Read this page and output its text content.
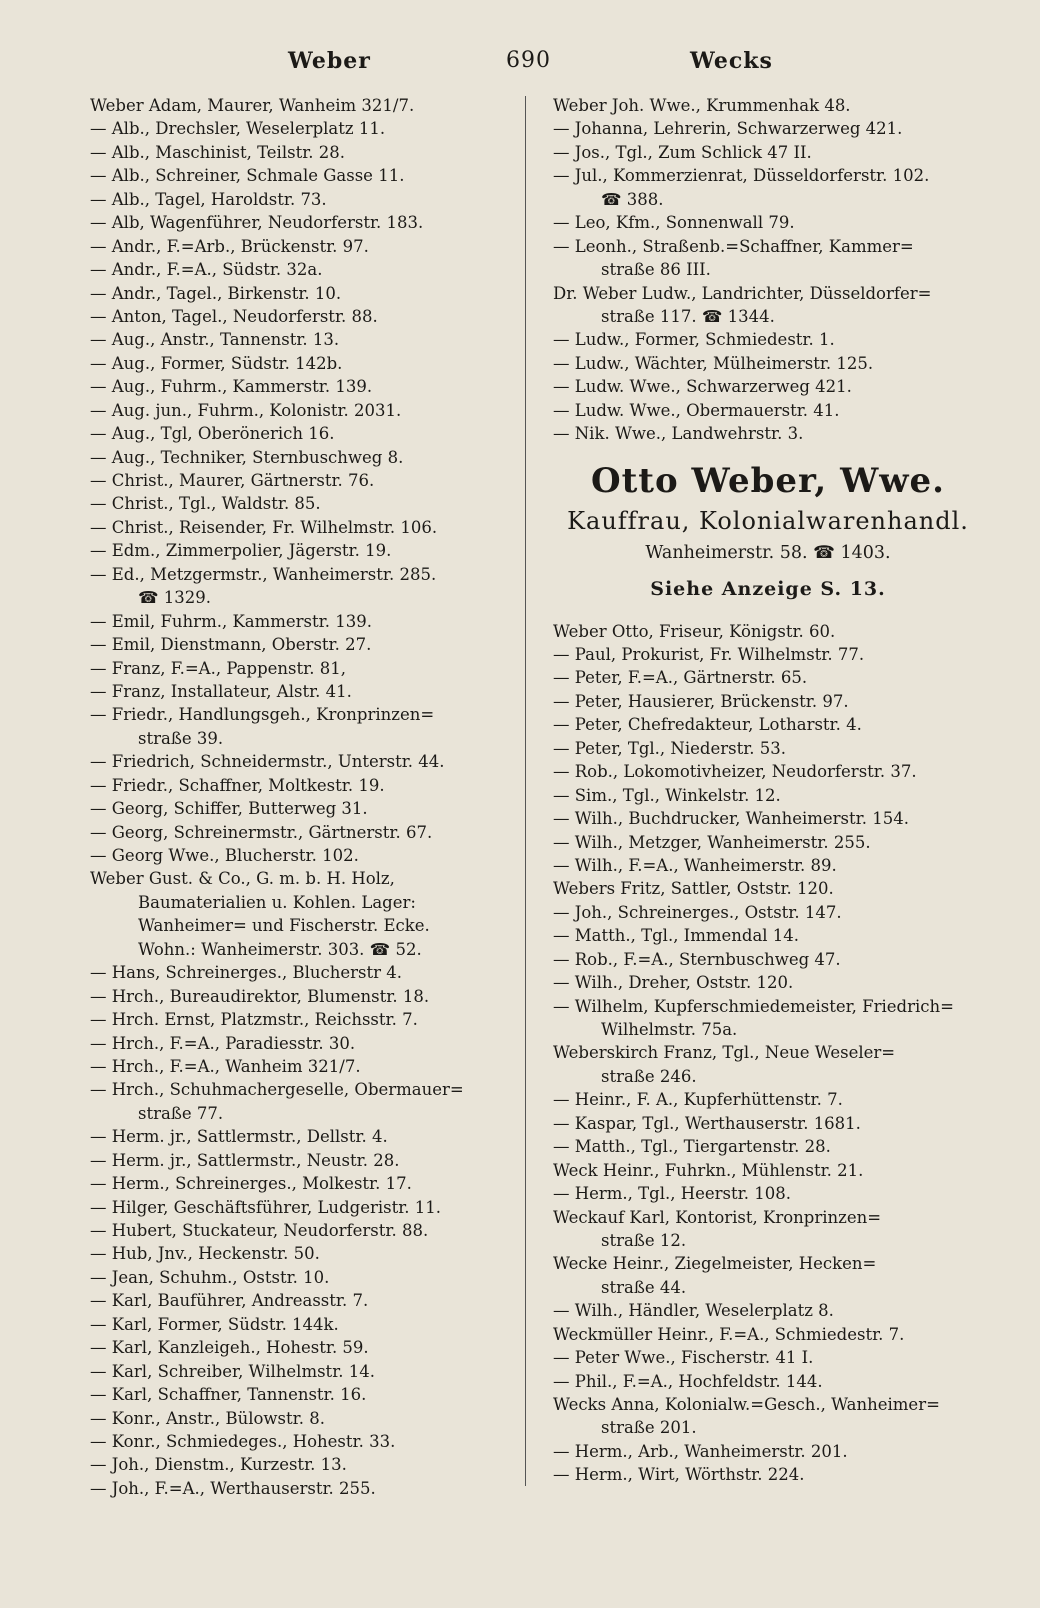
Weber	690	Wecks
Weber Adam, Maurer, Wanheim 321/7.
— Alb., Drechsler, Weselerplatz 11.
— Alb., Maschinist, Teilstr. 28.
— Alb., Schreiner, Schmale Gasse 11.
— Alb., Tagel, Haroldstr. 73.
— Alb, Wagenführer, Neudorferstr. 183.
— Andr., F.=Arb., Brückenstr. 97.
— Andr., F.=A., Südstr. 32a.
— Andr., Tagel., Birkenstr. 10.
— Anton, Tagel., Neudorferstr. 88.
— Aug., Anstr., Tannenstr. 13.
— Aug., Former, Südstr. 142b.
— Aug., Fuhrm., Kammerstr. 139.
— Aug. jun., Fuhrm., Kolonistr. 2031.
— Aug., Tgl, Oberönerich 16.
— Aug., Techniker, Sternbuschweg 8.
— Christ., Maurer, Gärtnerstr. 76.
— Christ., Tgl., Waldstr. 85.
— Christ., Reisender, Fr. Wilhelmstr. 106.
— Edm., Zimmerpolier, Jägerstr. 19.
— Ed., Metzgermstr., Wanheimerstr. 285.
☎ 1329.
— Emil, Fuhrm., Kammerstr. 139.
— Emil, Dienstmann, Oberstr. 27.
— Franz, F.=A., Pappenstr. 81,
— Franz, Installateur, Alstr. 41.
— Friedr., Handlungsgeh., Kronprinzen=
straße 39.
— Friedrich, Schneidermstr., Unterstr. 44.
— Friedr., Schaffner, Moltkestr. 19.
— Georg, Schiffer, Butterweg 31.
— Georg, Schreinermstr., Gärtnerstr. 67.
— Georg Wwe., Blucherstr. 102.
Weber Gust. & Co., G. m. b. H. Holz,
Baumaterialien u. Kohlen. Lager:
Wanheimer= und Fischerstr. Ecke.
Wohn.: Wanheimerstr. 303. ☎ 52.
— Hans, Schreinerges., Blucherstr 4.
— Hrch., Bureaudirektor, Blumenstr. 18.
— Hrch. Ernst, Platzmstr., Reichsstr. 7.
— Hrch., F.=A., Paradiesstr. 30.
— Hrch., F.=A., Wanheim 321/7.
— Hrch., Schuhmachergeselle, Obermauer=
straße 77.
— Herm. jr., Sattlermstr., Dellstr. 4.
— Herm. jr., Sattlermstr., Neustr. 28.
— Herm., Schreinerges., Molkestr. 17.
— Hilger, Geschäftsführer, Ludgeristr. 11.
— Hubert, Stuckateur, Neudorferstr. 88.
— Hub, Jnv., Heckenstr. 50.
— Jean, Schuhm., Oststr. 10.
— Karl, Bauführer, Andreasstr. 7.
— Karl, Former, Südstr. 144k.
— Karl, Kanzleigeh., Hohestr. 59.
— Karl, Schreiber, Wilhelmstr. 14.
— Karl, Schaffner, Tannenstr. 16.
— Konr., Anstr., Bülowstr. 8.
— Konr., Schmiedeges., Hohestr. 33.
— Joh., Dienstm., Kurzestr. 13.
— Joh., F.=A., Werthauserstr. 255.
Weber Joh. Wwe., Krummenhak 48.
— Johanna, Lehrerin, Schwarzerweg 421.
— Jos., Tgl., Zum Schlick 47 II.
— Jul., Kommerzienrat, Düsseldorferstr. 102.
☎ 388.
— Leo, Kfm., Sonnenwall 79.
— Leonh., Straßenb.=Schaffner, Kammer=
straße 86 III.
Dr. Weber Ludw., Landrichter, Düsseldorfer=
straße 117. ☎ 1344.
— Ludw., Former, Schmiedestr. 1.
— Ludw., Wächter, Mülheimerstr. 125.
— Ludw. Wwe., Schwarzerweg 421.
— Ludw. Wwe., Obermauerstr. 41.
— Nik. Wwe., Landwehrstr. 3.
Otto Weber, Wwe.
Kauffrau, Kolonialwarenhandl.
Wanheimerstr. 58. ☎ 1403.
Siehe Anzeige S. 13.
Weber Otto, Friseur, Königstr. 60.
— Paul, Prokurist, Fr. Wilhelmstr. 77.
— Peter, F.=A., Gärtnerstr. 65.
— Peter, Hausierer, Brückenstr. 97.
— Peter, Chefredakteur, Lotharstr. 4.
— Peter, Tgl., Niederstr. 53.
— Rob., Lokomotivheizer, Neudorferstr. 37.
— Sim., Tgl., Winkelstr. 12.
— Wilh., Buchdrucker, Wanheimerstr. 154.
— Wilh., Metzger, Wanheimerstr. 255.
— Wilh., F.=A., Wanheimerstr. 89.
Webers Fritz, Sattler, Oststr. 120.
— Joh., Schreinerges., Oststr. 147.
— Matth., Tgl., Immendal 14.
— Rob., F.=A., Sternbuschweg 47.
— Wilh., Dreher, Oststr. 120.
— Wilhelm, Kupferschmiedemeister, Friedrich=
Wilhelmstr. 75a.
Weberskirch Franz, Tgl., Neue Weseler=
straße 246.
— Heinr., F. A., Kupferhüttenstr. 7.
— Kaspar, Tgl., Werthauserstr. 1681.
— Matth., Tgl., Tiergartenstr. 28.
Weck Heinr., Fuhrkn., Mühlenstr. 21.
— Herm., Tgl., Heerstr. 108.
Weckauf Karl, Kontorist, Kronprinzen=
straße 12.
Wecke Heinr., Ziegelmeister, Hecken=
straße 44.
— Wilh., Händler, Weselerplatz 8.
Weckmüller Heinr., F.=A., Schmiedestr. 7.
— Peter Wwe., Fischerstr. 41 I.
— Phil., F.=A., Hochfeldstr. 144.
Wecks Anna, Kolonialw.=Gesch., Wanheimer=
straße 201.
— Herm., Arb., Wanheimerstr. 201.
— Herm., Wirt, Wörthstr. 224.
